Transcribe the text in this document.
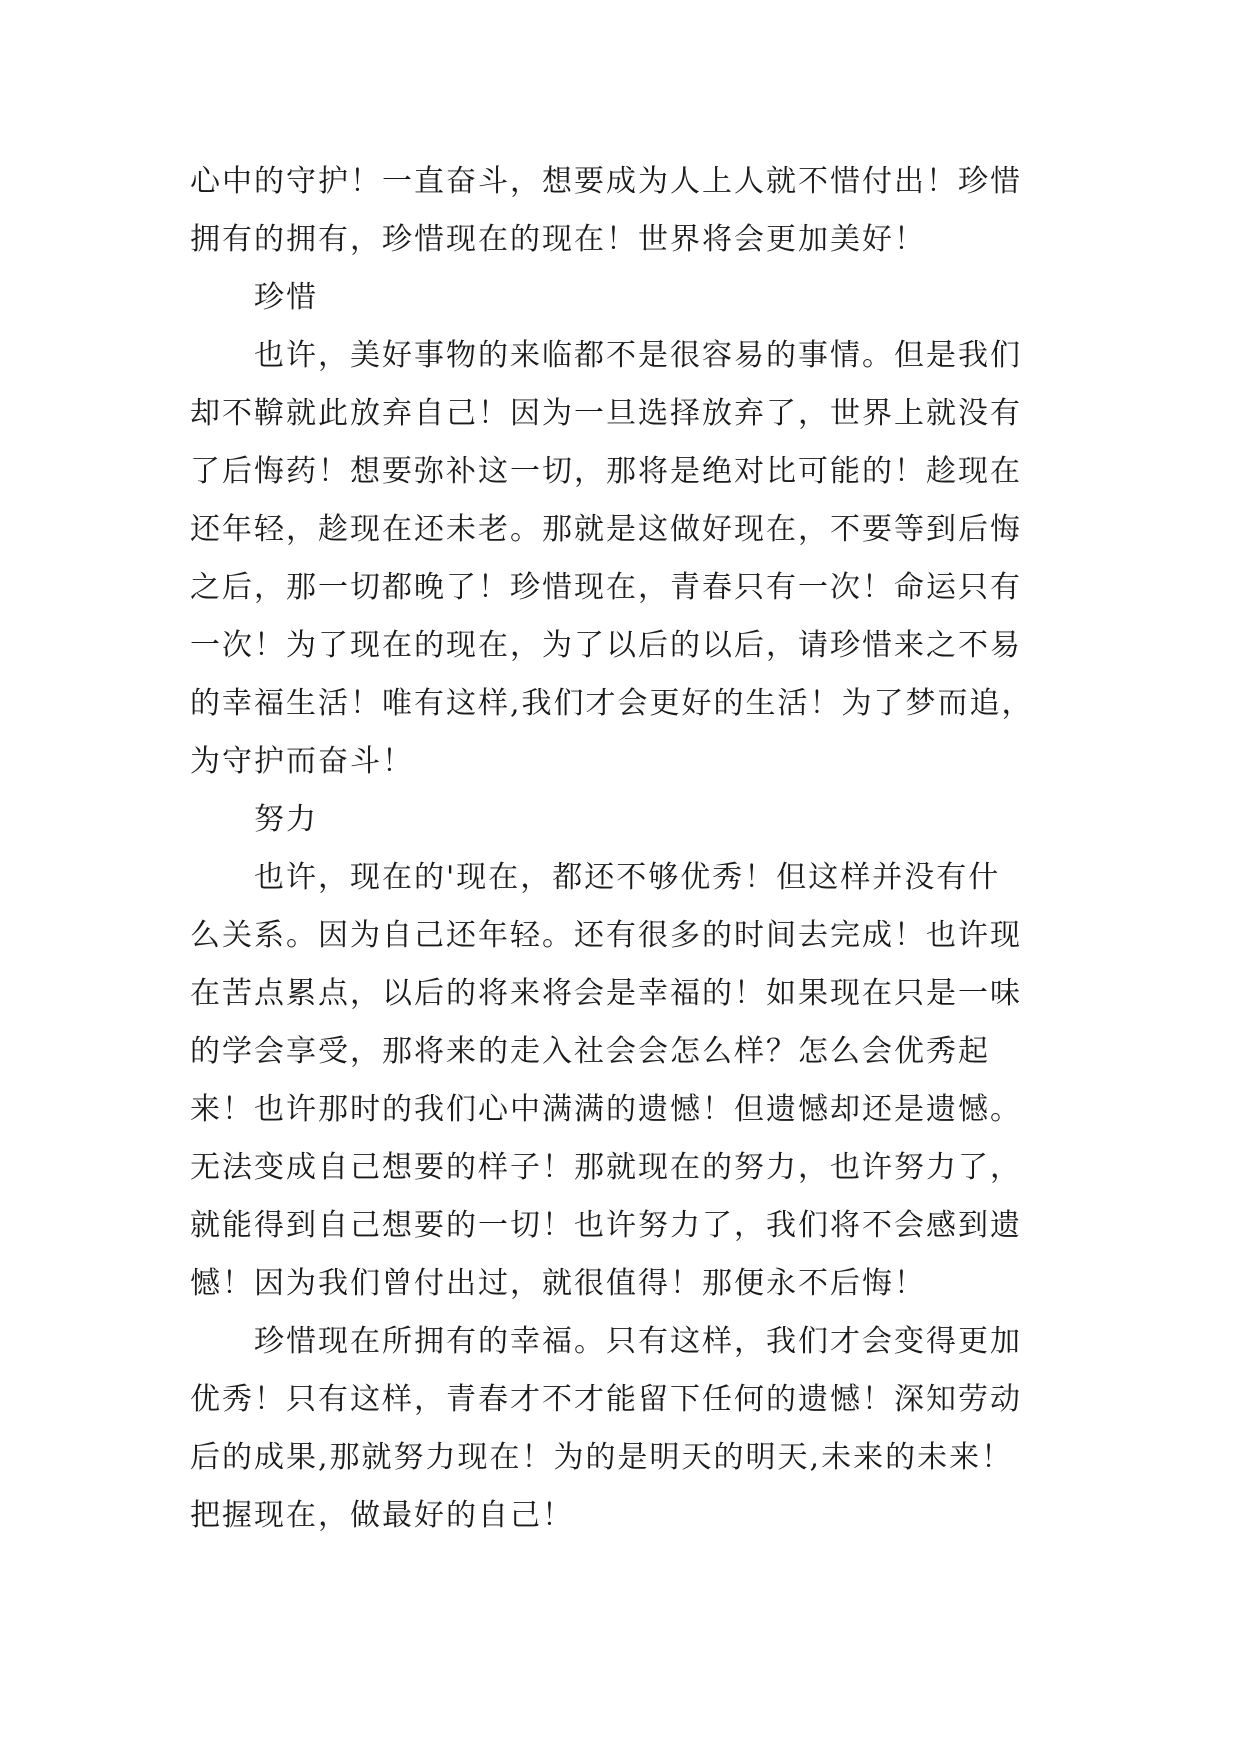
心中的守护！一直奋斗，想要成为人上人就不惜付出！珍惜
拥有的拥有，珍惜现在的现在！世界将会更加美好！
珍惜
也许，美好事物的来临都不是很容易的事情。但是我们
却不鞥就此放弃自己！因为一旦选择放弃了，世界上就没有
了后悔药！想要弥补这一切，那将是绝对比可能的！趁现在
还年轻，趁现在还未老。那就是这做好现在，不要等到后悔
之后，那一切都晚了！珍惜现在，青春只有一次！命运只有
一次！为了现在的现在，为了以后的以后，请珍惜来之不易
的幸福生活！唯有这样,我们才会更好的生活！为了梦而追，
为守护而奋斗！
努力
也许，现在的'现在，都还不够优秀！但这样并没有什
么关系。因为自己还年轻。还有很多的时间去完成！也许现
在苦点累点，以后的将来将会是幸福的！如果现在只是一味
的学会享受，那将来的走入社会会怎么样？怎么会优秀起
来！也许那时的我们心中满满的遗憾！但遗憾却还是遗憾。
无法变成自己想要的样子！那就现在的努力，也许努力了，
就能得到自己想要的一切！也许努力了，我们将不会感到遗
憾！因为我们曾付出过，就很值得！那便永不后悔！
珍惜现在所拥有的幸福。只有这样，我们才会变得更加
优秀！只有这样，青春才不才能留下任何的遗憾！深知劳动
后的成果,那就努力现在！为的是明天的明天,未来的未来！
把握现在，做最好的自己！
